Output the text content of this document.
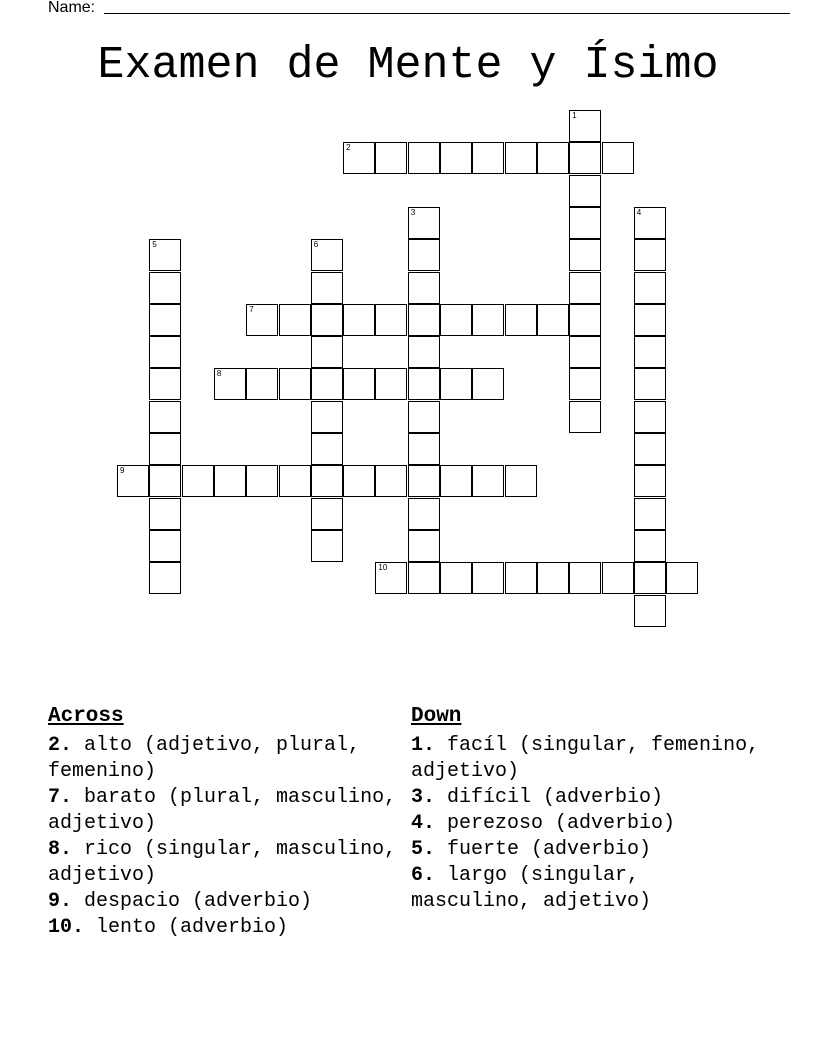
Name:
Examen de Mente y Ísimo
2
7
8
9
10
1
3	4
5	6
Across
2. alto (adjetivo, plural, femenino)
7. barato (plural, masculino, adjetivo)
8. rico (singular, masculino, adjetivo)
9. despacio (adverbio)
10. lento (adverbio)
Down
1. facíl (singular, femenino, adjetivo)
3. difícil (adverbio)
4. perezoso (adverbio)
5. fuerte (adverbio)
6. largo (singular, masculino, adjetivo)
